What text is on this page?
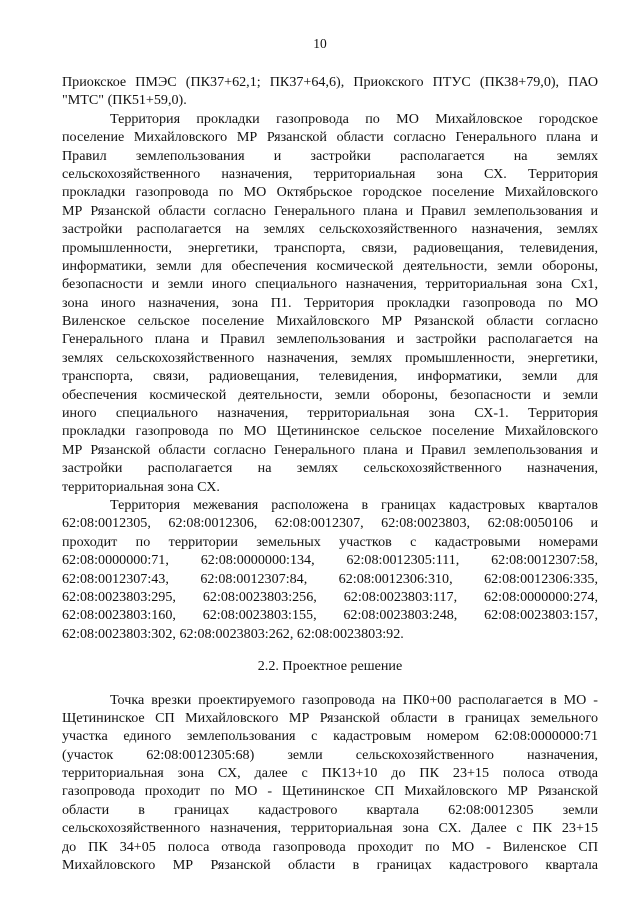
10
Приокское ПМЭС (ПК37+62,1; ПК37+64,6), Приокского ПТУС (ПК38+79,0), ПАО
"МТС" (ПК51+59,0).
Территория прокладки газопровода по МО Михайловское городское
поселение Михайловского МР Рязанской области согласно Генерального плана и
Правил землепользования и застройки располагается на землях
сельскохозяйственного назначения, территориальная зона СХ. Территория
прокладки газопровода по МО Октябрьское городское поселение Михайловского
МР Рязанской области согласно Генерального плана и Правил землепользования и
застройки располагается на землях сельскохозяйственного назначения, землях
промышленности, энергетики, транспорта, связи, радиовещания, телевидения,
информатики, земли для обеспечения космической деятельности, земли обороны,
безопасности и земли иного специального назначения, территориальная зона Сх1,
зона иного назначения, зона П1. Территория прокладки газопровода по МО
Виленское сельское поселение Михайловского МР Рязанской области согласно
Генерального плана и Правил землепользования и застройки располагается на
землях сельскохозяйственного назначения, землях промышленности, энергетики,
транспорта, связи, радиовещания, телевидения, информатики, земли для
обеспечения космической деятельности, земли обороны, безопасности и земли
иного специального назначения, территориальная зона СХ-1. Территория
прокладки газопровода по МО Щетининское сельское поселение Михайловского
МР Рязанской области согласно Генерального плана и Правил землепользования и
застройки располагается на землях сельскохозяйственного назначения,
территориальная зона СХ.
Территория межевания расположена в границах кадастровых кварталов
62:08:0012305, 62:08:0012306, 62:08:0012307, 62:08:0023803, 62:08:0050106 и
проходит по территории земельных участков с кадастровыми номерами
62:08:0000000:71, 62:08:0000000:134, 62:08:0012305:111, 62:08:0012307:58,
62:08:0012307:43, 62:08:0012307:84, 62:08:0012306:310, 62:08:0012306:335,
62:08:0023803:295, 62:08:0023803:256, 62:08:0023803:117, 62:08:0000000:274,
62:08:0023803:160, 62:08:0023803:155, 62:08:0023803:248, 62:08:0023803:157,
62:08:0023803:302, 62:08:0023803:262, 62:08:0023803:92.
2.2. Проектное решение
Точка врезки проектируемого газопровода на ПК0+00 располагается в МО -
Щетининское СП Михайловского МР Рязанской области в границах земельного
участка единого землепользования с кадастровым номером 62:08:0000000:71
(участок 62:08:0012305:68) земли сельскохозяйственного назначения,
территориальная зона СХ, далее с ПК13+10 до ПК 23+15 полоса отвода
газопровода проходит по МО - Щетининское СП Михайловского МР Рязанской
области в границах кадастрового квартала 62:08:0012305 земли
сельскохозяйственного назначения, территориальная зона СХ. Далее с ПК 23+15
до ПК 34+05 полоса отвода газопровода проходит по МО - Виленское СП
Михайловского МР Рязанской области в границах кадастрового квартала
